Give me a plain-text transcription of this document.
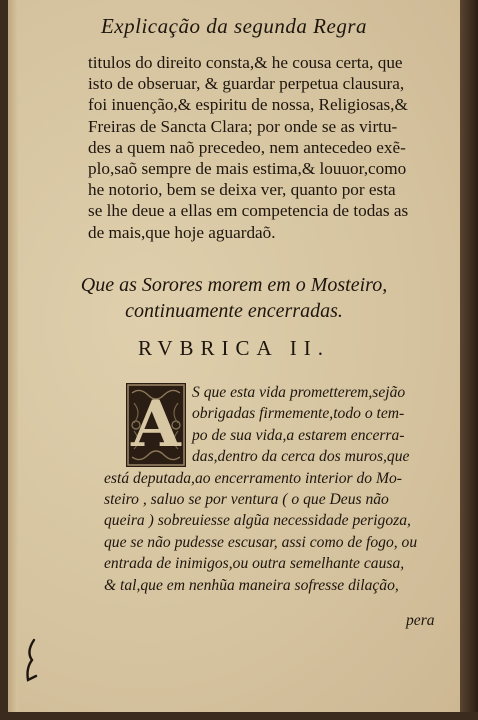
Explicação da segunda Regra
titulos do direito consta,& he cousa certa, que
isto de obseruar, & guardar perpetua clausura,
foi inuenção,& espiritu de nossa, Religiosas,&
Freiras de Sancta Clara; por onde se as virtu-
des a quem naõ precedeo, nem antecedeo exẽ-
plo,saõ sempre de mais estima,& louuor,como
he notorio, bem se deixa ver, quanto por esta
se lhe deue a ellas em competencia de todas as
de mais,que hoje aguardaõ.
Que as Sorores morem em o Mosteiro,
continuamente encerradas.
RVBRICA II.
S que esta vida prometterem,sejão
obrigadas firmemente,todo o tem-
po de sua vida,a estarem encerra-
das,dentro da cerca dos muros,que
está deputada,ao encerramento interior do Mo-
steiro , saluo se por ventura ( o que Deus não
queira ) sobreuiesse algũa necessidade perigoza,
que se não pudesse escusar, assi como de fogo, ou
entrada de inimigos,ou outra semelhante causa,
& tal,que em nenhũa maneira sofresse dilação,
A
pera
